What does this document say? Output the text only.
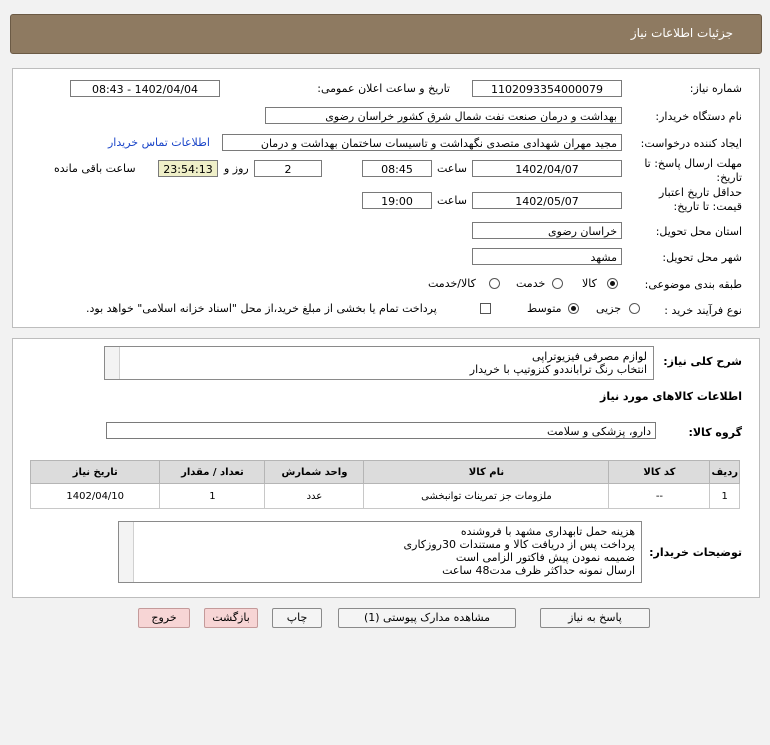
جزئیات اطلاعات نیاز
شماره نیاز:
1102093354000079
تاریخ و ساعت اعلان عمومی:
1402/04/04 - 08:43
نام دستگاه خریدار:
بهداشت و درمان صنعت نفت شمال شرق کشور خراسان رضوی
ایجاد کننده درخواست:
مجید مهران شهدادی متصدی نگهداشت و تاسیسات ساختمان بهداشت و درمان
اطلاعات تماس خریدار
مهلت ارسال پاسخ: تا تاریخ:
1402/04/07
ساعت
08:45
2
روز و
23:54:13
ساعت باقی مانده
حداقل تاریخ اعتبار قیمت: تا تاریخ:
1402/05/07
ساعت
19:00
استان محل تحویل:
خراسان رضوی
شهر محل تحویل:
مشهد
طبقه بندی موضوعی:
کالا
خدمت
کالا/خدمت
نوع فرآیند خرید :
جزیی
متوسط
پرداخت تمام یا بخشی از مبلغ خرید،از محل "اسناد خزانه اسلامی" خواهد بود.
شرح کلی نیاز:
لوازم مصرفی فیزیوتراپی
انتخاب رنگ ترابانددو کنزوتیپ با خریدار
اطلاعات کالاهای مورد نیاز
گروه کالا:
دارو، پزشکی و سلامت
ردیف	کد کالا	نام کالا	واحد شمارش	تعداد / مقدار	تاریخ نیاز
1	--	ملزومات جز تمرینات توانبخشی	عدد	1	1402/04/10
توضیحات خریدار:
هزینه حمل تابهداری مشهد با فروشنده
پرداخت پس از دریافت کالا و مستندات 30روزکاری
ضمیمه نمودن پیش فاکتور الزامی است
ارسال نمونه حداکثر ظرف مدت48 ساعت
پاسخ به نیاز
مشاهده مدارک پیوستی (1)
چاپ
بازگشت
خروج
